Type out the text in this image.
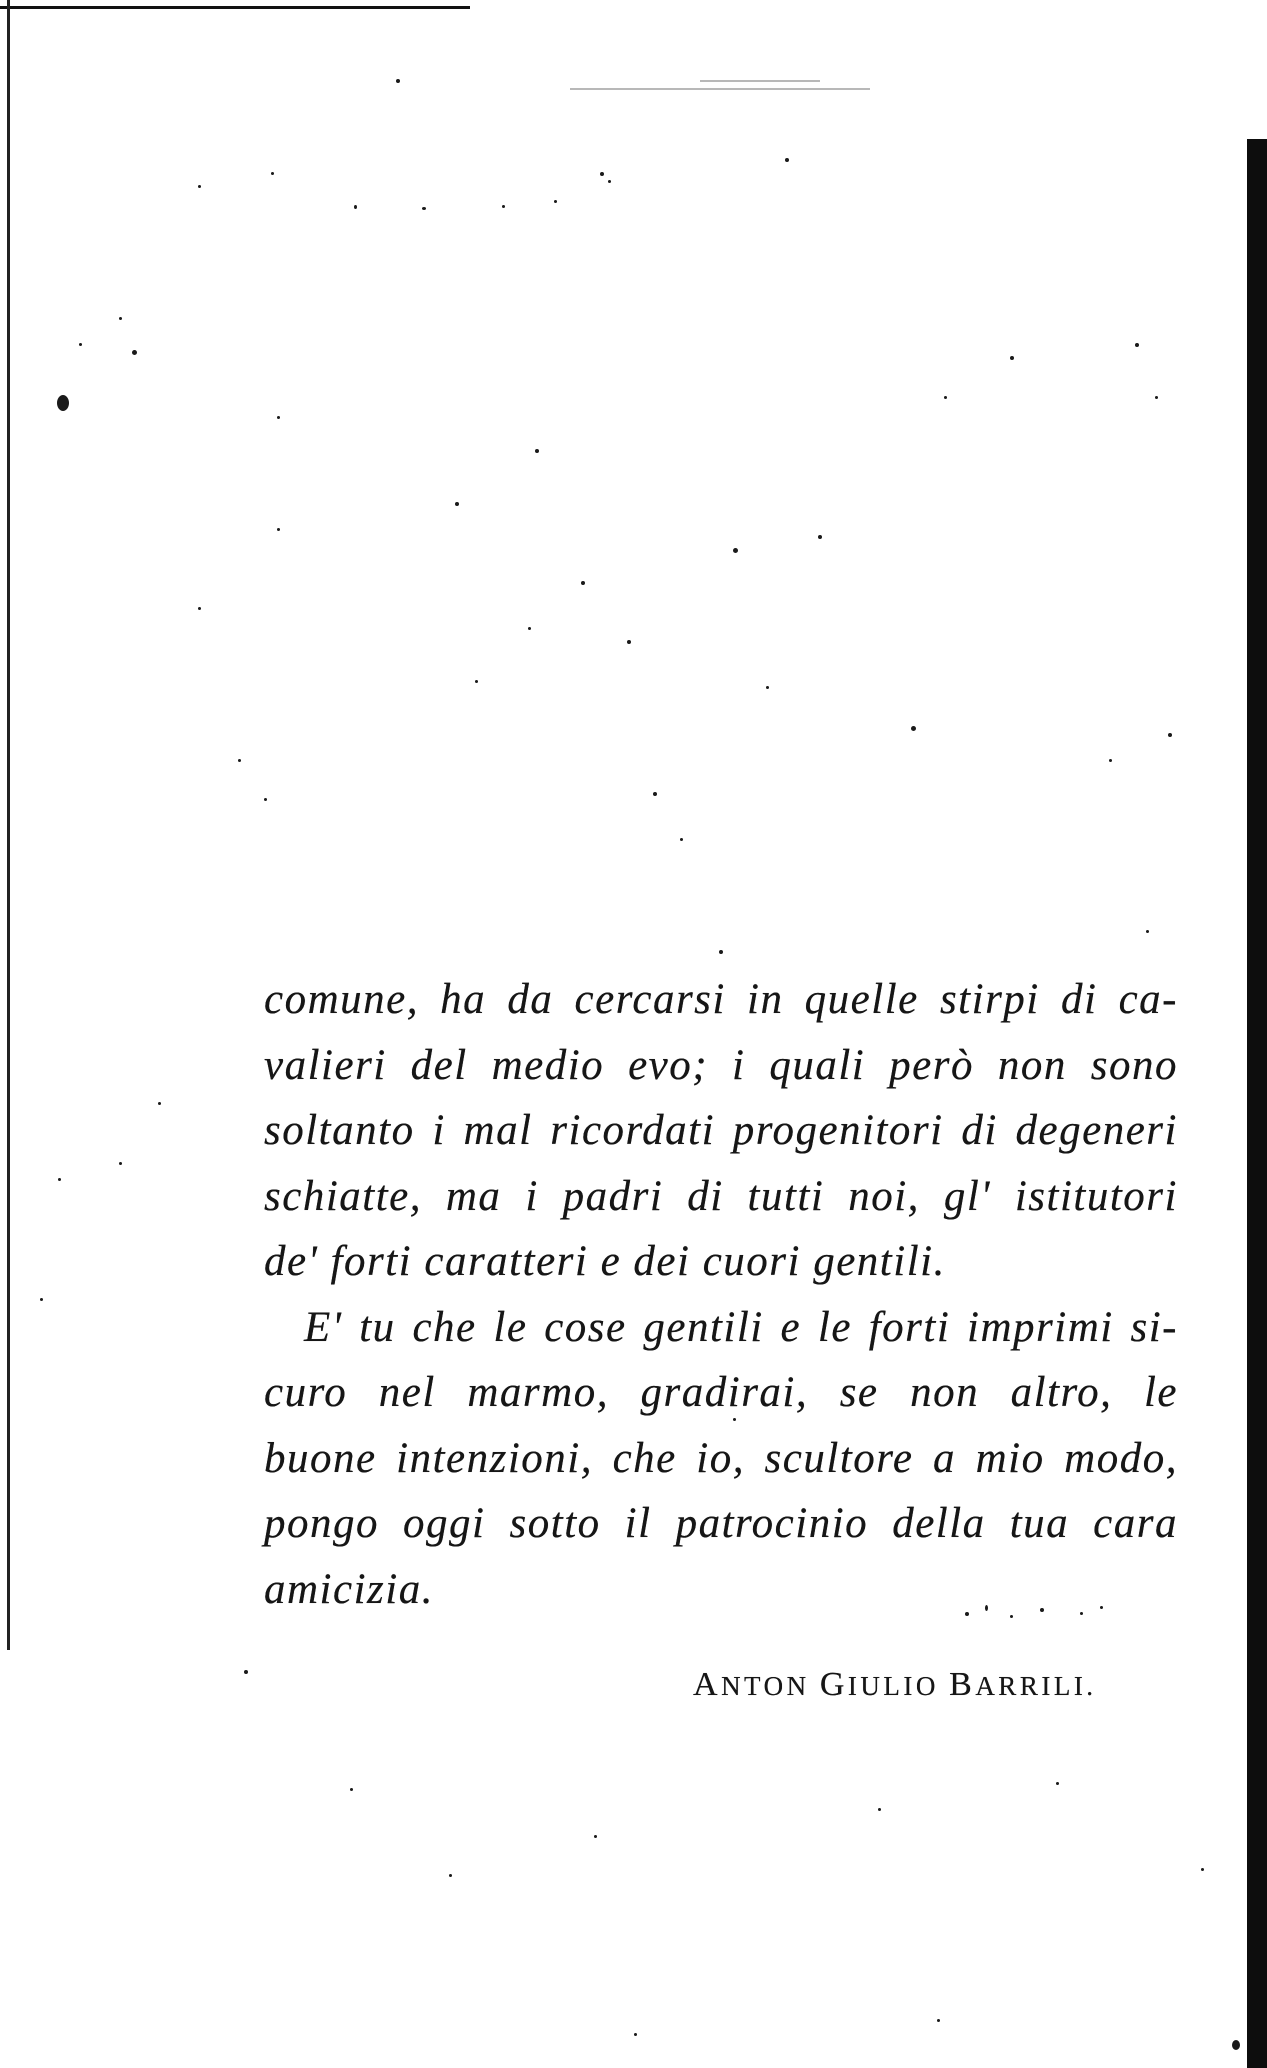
comune, ha da cercarsi in quelle stirpi di ca-
valieri del medio evo; i quali però non sono
soltanto i mal ricordati progenitori di degeneri
schiatte, ma i padri di tutti noi, gl' istitutori
de' forti caratteri e dei cuori gentili.
E' tu che le cose gentili e le forti imprimi si-
curo nel marmo, gradirai, se non altro, le
buone intenzioni, che io, scultore a mio modo,
pongo oggi sotto il patrocinio della tua cara
amicizia.
ANTON GIULIO BARRILI.
